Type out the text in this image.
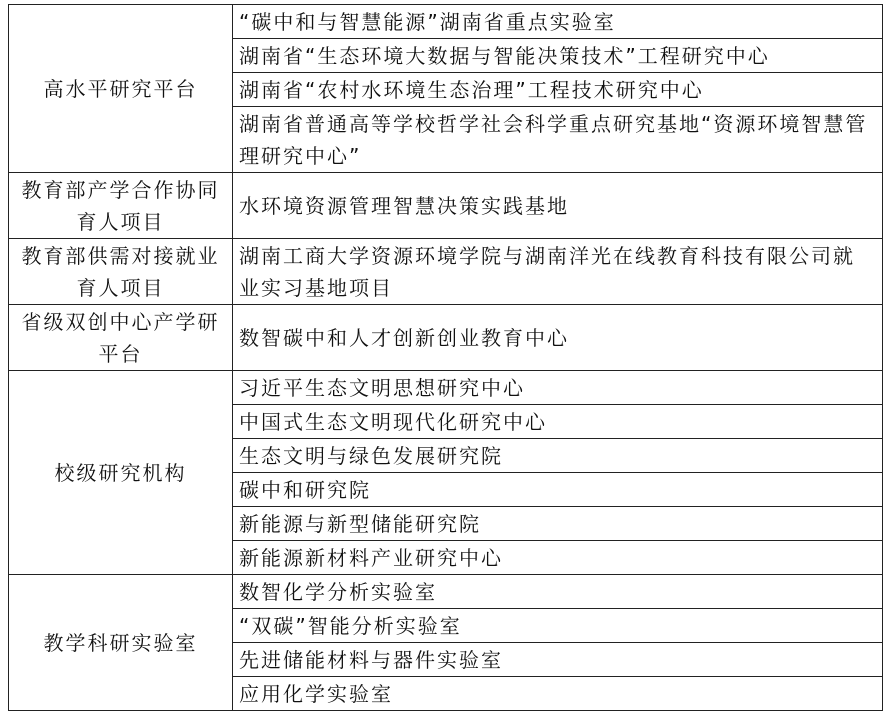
高水平研究平台	“碳中和与智慧能源”湖南省重点实验室
	湖南省“生态环境大数据与智能决策技术”工程研究中心
	湖南省“农村水环境生态治理”工程技术研究中心
	湖南省普通高等学校哲学社会科学重点研究基地“资源环境智慧管理研究中心”
教育部产学合作协同育人项目	水环境资源管理智慧决策实践基地
教育部供需对接就业育人项目	湖南工商大学资源环境学院与湖南洋光在线教育科技有限公司就业实习基地项目
省级双创中心产学研平台	数智碳中和人才创新创业教育中心
校级研究机构	习近平生态文明思想研究中心
	中国式生态文明现代化研究中心
	生态文明与绿色发展研究院
	碳中和研究院
	新能源与新型储能研究院
	新能源新材料产业研究中心
教学科研实验室	数智化学分析实验室
	“双碳”智能分析实验室
	先进储能材料与器件实验室
	应用化学实验室
